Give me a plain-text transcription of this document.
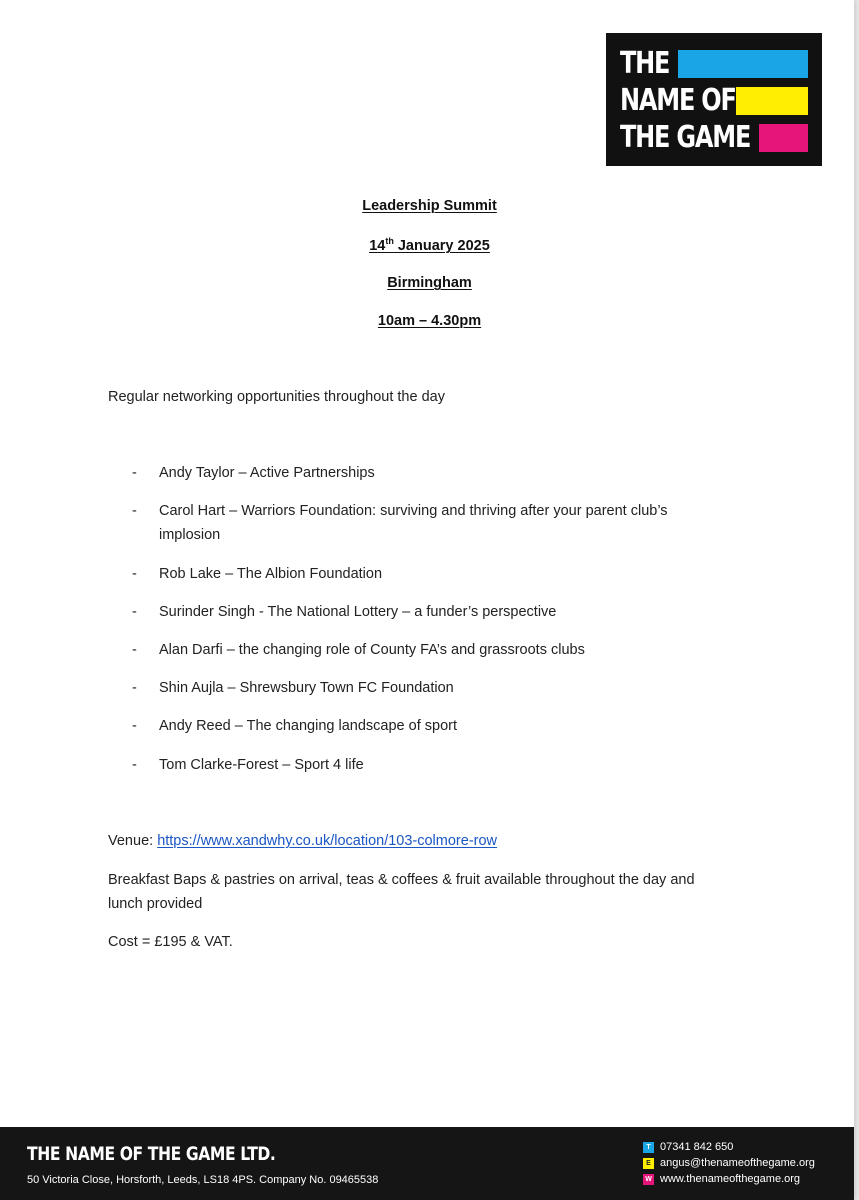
THE
NAME OF
THE GAME
Leadership Summit
14th January 2025
Birmingham
10am – 4.30pm
Regular networking opportunities throughout the day
- Andy Taylor – Active Partnerships
- Carol Hart – Warriors Foundation: surviving and thriving after your parent club’s
implosion
- Rob Lake – The Albion Foundation
- Surinder Singh - The National Lottery – a funder’s perspective
- Alan Darfi – the changing role of County FA’s and grassroots clubs
- Shin Aujla – Shrewsbury Town FC Foundation
- Andy Reed – The changing landscape of sport
- Tom Clarke-Forest – Sport 4 life
Venue: https://www.xandwhy.co.uk/location/103-colmore-row
Breakfast Baps & pastries on arrival, teas & coffees & fruit available throughout the day and
lunch provided
Cost = £195 & VAT.
THE NAME OF THE GAME LTD.
50 Victoria Close, Horsforth, Leeds, LS18 4PS. Company No. 09465538
T 07341 842 650
E angus@thenameofthegame.org
W www.thenameofthegame.org
